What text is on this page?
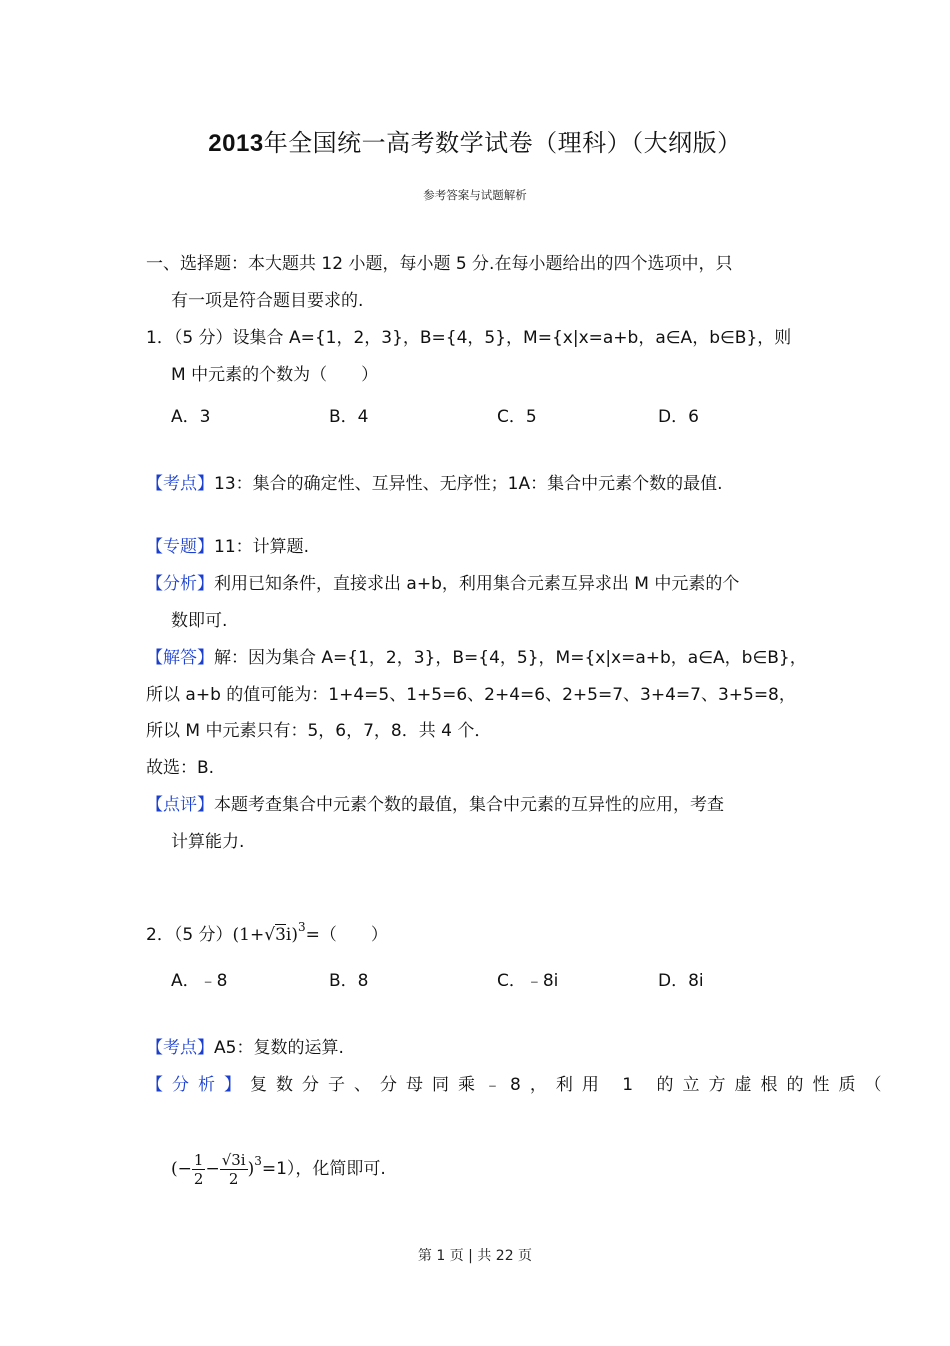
2013年全国统一高考数学试卷（理科）（大纲版）
参考答案与试题解析
一、选择题：本大题共 12 小题，每小题 5 分.在每小题给出的四个选项中，只
有一项是符合题目要求的.
1．（5 分）设集合 A={1，2，3}，B={4，5}，M={x|x=a+b，a∈A，b∈B}，则
M 中元素的个数为（　　）
A．3	B．4	C．5	D．6
【考点】13：集合的确定性、互异性、无序性；1A：集合中元素个数的最值.
【专题】11：计算题.
【分析】利用已知条件，直接求出 a+b，利用集合元素互异求出 M 中元素的个
数即可.
【解答】解：因为集合 A={1，2，3}，B={4，5}，M={x|x=a+b，a∈A，b∈B}，
所以 a+b 的值可能为：1+4=5、1+5=6、2+4=6、2+5=7、3+4=7、3+5=8，
所以 M 中元素只有：5，6，7，8．共 4 个．
故选：B.
【点评】本题考查集合中元素个数的最值，集合中元素的互异性的应用，考查
计算能力.
2．（5 分）$(1+√3i)^3=$（　　）
A．﹣8	B．8	C．﹣8i	D．8i
【考点】A5：复数的运算.
【分析】复数分子、分母同乘﹣8，利用 1 的立方虚根的性质（
(− $\frac{1}{2} - \frac{√3i}{2} )^3=1$），化简即可.
第 1 页 | 共 22 页
